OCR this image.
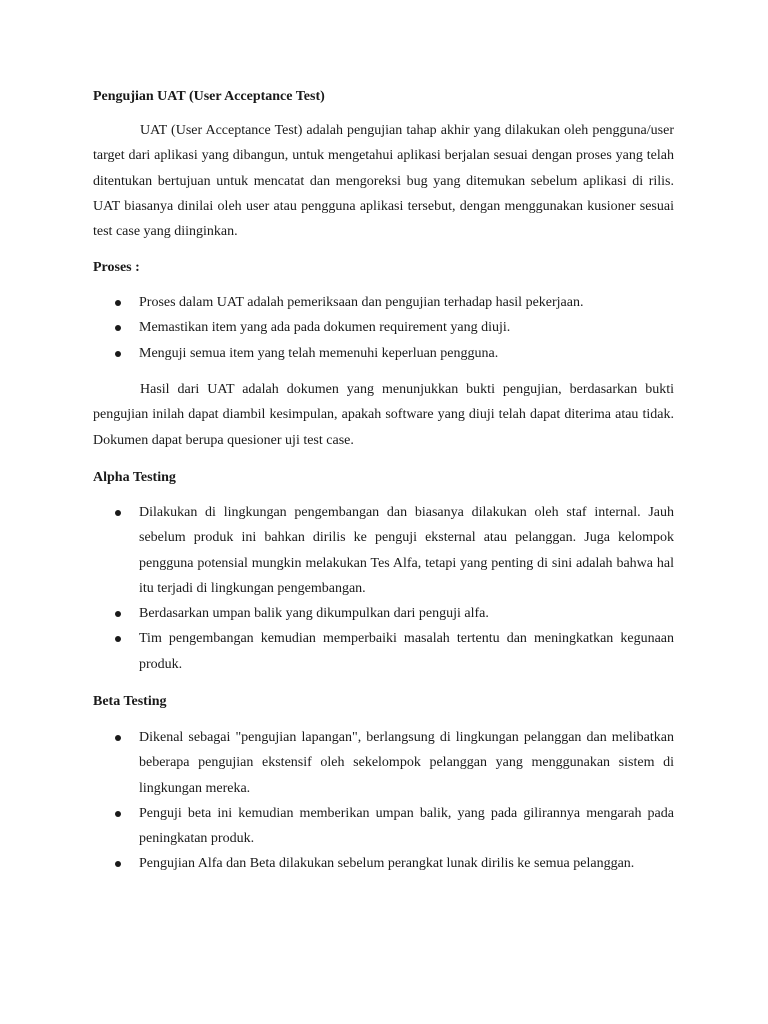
Pengujian UAT (User Acceptance Test)

UAT (User Acceptance Test) adalah pengujian tahap akhir yang dilakukan oleh pengguna/user target dari aplikasi yang dibangun, untuk mengetahui aplikasi berjalan sesuai dengan proses yang telah ditentukan bertujuan untuk mencatat dan mengoreksi bug yang ditemukan sebelum aplikasi di rilis. UAT biasanya dinilai oleh user atau pengguna aplikasi tersebut, dengan menggunakan kusioner sesuai test case yang diinginkan.

Proses :
Proses dalam UAT adalah pemeriksaan dan pengujian terhadap hasil pekerjaan.
Memastikan item yang ada pada dokumen requirement yang diuji.
Menguji semua item yang telah memenuhi keperluan pengguna.

Hasil dari UAT adalah dokumen yang menunjukkan bukti pengujian, berdasarkan bukti pengujian inilah dapat diambil kesimpulan, apakah software yang diuji telah dapat diterima atau tidak. Dokumen dapat berupa quesioner uji test case.

Alpha Testing
Dilakukan di lingkungan pengembangan dan biasanya dilakukan oleh staf internal. Jauh sebelum produk ini bahkan dirilis ke penguji eksternal atau pelanggan. Juga kelompok pengguna potensial mungkin melakukan Tes Alfa, tetapi yang penting di sini adalah bahwa hal itu terjadi di lingkungan pengembangan.
Berdasarkan umpan balik yang dikumpulkan dari penguji alfa.
Tim pengembangan kemudian memperbaiki masalah tertentu dan meningkatkan kegunaan produk.
Beta Testing
Dikenal sebagai "pengujian lapangan", berlangsung di lingkungan pelanggan dan melibatkan beberapa pengujian ekstensif oleh sekelompok pelanggan yang menggunakan sistem di lingkungan mereka.
Penguji beta ini kemudian memberikan umpan balik, yang pada gilirannya mengarah pada peningkatan produk.
Pengujian Alfa dan Beta dilakukan sebelum perangkat lunak dirilis ke semua pelanggan.
